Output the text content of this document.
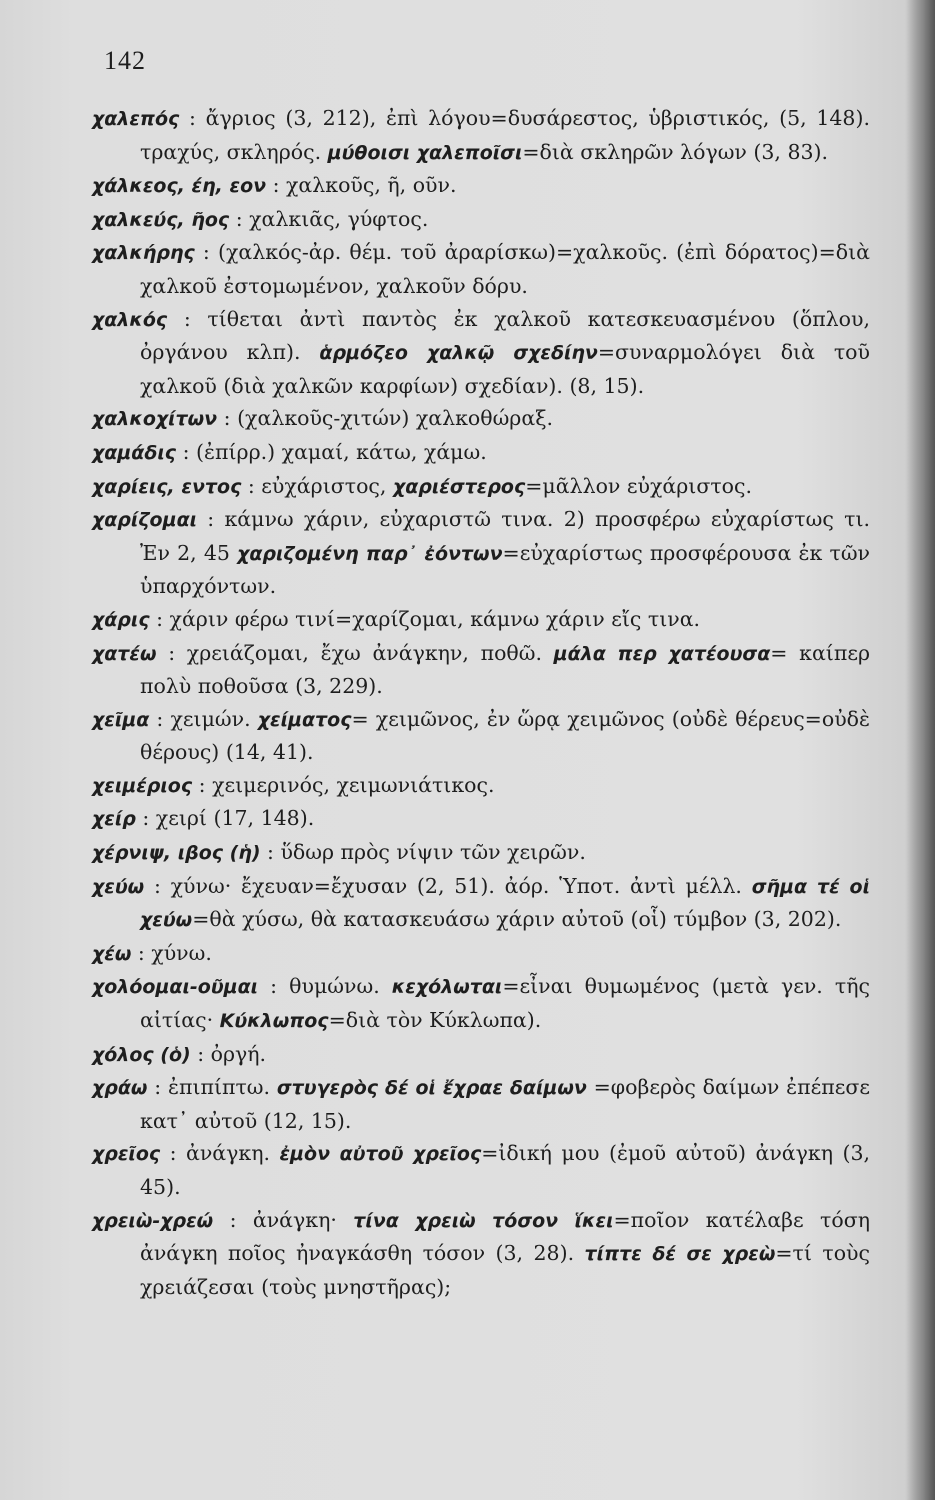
142

χαλεπός : ἄγριος (3, 212), ἐπὶ λόγου=δυσάρεστος, ὑβριστικός, (5, 148). τραχύς, σκληρός. μύθοισι χαλεποῖσι=διὰ σκληρῶν λόγων (3, 83).

χάλκεος, έη, εον : χαλκοῦς, ῆ, οῦν.

χαλκεύς, ῆος : χαλκιᾶς, γύφτος.

χαλκήρης : (χαλκός-ἀρ. θέμ. τοῦ ἀραρίσκω)=χαλκοῦς. (ἐπὶ δόρατος)=διὰ χαλκοῦ ἐστομωμένον, χαλκοῦν δόρυ.

χαλκός : τίθεται ἀντὶ παντὸς ἐκ χαλκοῦ κατεσκευασμένου (ὅπλου, ὀργάνου κλπ). ἁρμόζεο χαλκῷ σχεδίην=συναρμολόγει διὰ τοῦ χαλκοῦ (διὰ χαλκῶν καρφίων) σχεδίαν). (8, 15).

χαλκοχίτων : (χαλκοῦς-χιτών) χαλκοθώραξ.

χαμάδις : (ἐπίρρ.) χαμαί, κάτω, χάμω.

χαρίεις, εντος : εὐχάριστος, χαριέστερος=μᾶλλον εὐχάριστος.

χαρίζομαι : κάμνω χάριν, εὐχαριστῶ τινα. 2) προσφέρω εὐχαρίστως τι. Ἐν 2, 45 χαριζομένη παρ᾽ ἐόντων=εὐχαρίστως προσφέρουσα ἐκ τῶν ὑπαρχόντων.

χάρις : χάριν φέρω τινί=χαρίζομαι, κάμνω χάριν εἴς τινα.

χατέω : χρειάζομαι, ἔχω ἀνάγκην, ποθῶ. μάλα περ χατέουσα= καίπερ πολὺ ποθοῦσα (3, 229).

χεῖμα : χειμών. χείματος= χειμῶνος, ἐν ὥρᾳ χειμῶνος (οὐδὲ θέρευς=οὐδὲ θέρους) (14, 41).

χειμέριος : χειμερινός, χειμωνιάτικος.

χείρ : χειρί (17, 148).

χέρνιψ, ιβος (ἡ) : ὕδωρ πρὸς νίψιν τῶν χειρῶν.

χεύω : χύνω· ἔχευαν=ἔχυσαν (2, 51). ἀόρ. Ὑποτ. ἀντὶ μέλλ. σῆμα τέ οἱ χεύω=θὰ χύσω, θὰ κατασκευάσω χάριν αὐτοῦ (οἷ) τύμβον (3, 202).

χέω : χύνω.

χολόομαι-οῦμαι : θυμώνω. κεχόλωται=εἶναι θυμωμένος (μετὰ γεν. τῆς αἰτίας· Κύκλωπος=διὰ τὸν Κύκλωπα).

χόλος (ὁ) : ὀργή.

χράω : ἐπιπίπτω. στυγερὸς δέ οἱ ἔχραε δαίμων =φοβερὸς δαίμων ἐπέπεσε κατ᾽ αὐτοῦ (12, 15).

χρεῖος : ἀνάγκη. ἐμὸν αὐτοῦ χρεῖος=ἰδική μου (ἐμοῦ αὐτοῦ) ἀνάγκη (3, 45).

χρειὼ-χρεώ : ἀνάγκη· τίνα χρειὼ τόσον ἵκει=ποῖον κατέλαβε τόση ἀνάγκη ποῖος ἠναγκάσθη τόσον (3, 28). τίπτε δέ σε χρεὼ=τί τοὺς χρειάζεσαι (τοὺς μνηστῆρας);
